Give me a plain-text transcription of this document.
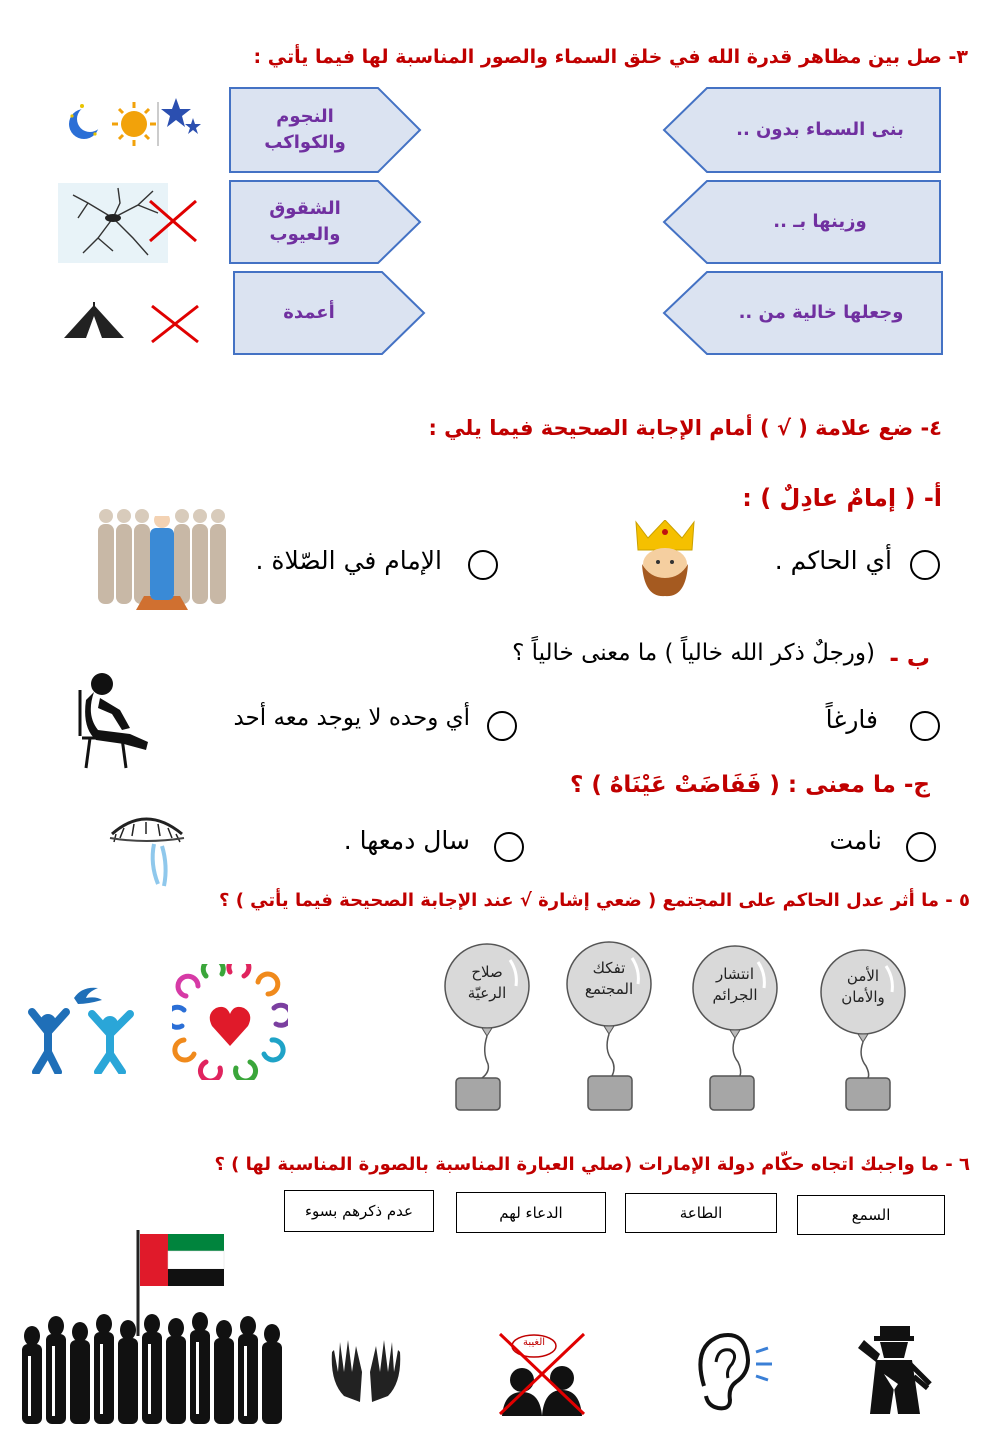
٣- صل بين مظاهر قدرة الله في خلق السماء والصور المناسبة لها فيما يأتي :
بنى السماء بدون ..
وزينها بـ ..
وجعلها خالية من ..
النجوم
والكواكب
الشقوق
والعيوب
أعمدة
٤- ضع علامة ( √ ) أمام الإجابة الصحيحة فيما يلي :
أ- ( إمامٌ عادِلٌ ) :
أي الحاكم .
الإمام في الصّلاة .
ب -
(ورجلٌ ذكر الله خالياً ) ما معنى خالياً ؟
فارغاً
أي وحده لا يوجد معه أحد
ج- ما معنى : ( فَفَاضَتْ عَيْنَاهُ ) ؟
نامت
سال دمعها .
٥ - ما أثر عدل الحاكم على المجتمع ( ضعي إشارة √ عند الإجابة الصحيحة فيما يأتي ) ؟
الأمن
والأمان
انتشار
الجرائم
تفكك
المجتمع
صلاح
الرعيّة
٦ - ما واجبك اتجاه حكّام دولة الإمارات (صلي العبارة المناسبة بالصورة المناسبة لها ) ؟
السمع
الطاعة
الدعاء لهم
عدم ذكرهم بسوء
الغيبة
